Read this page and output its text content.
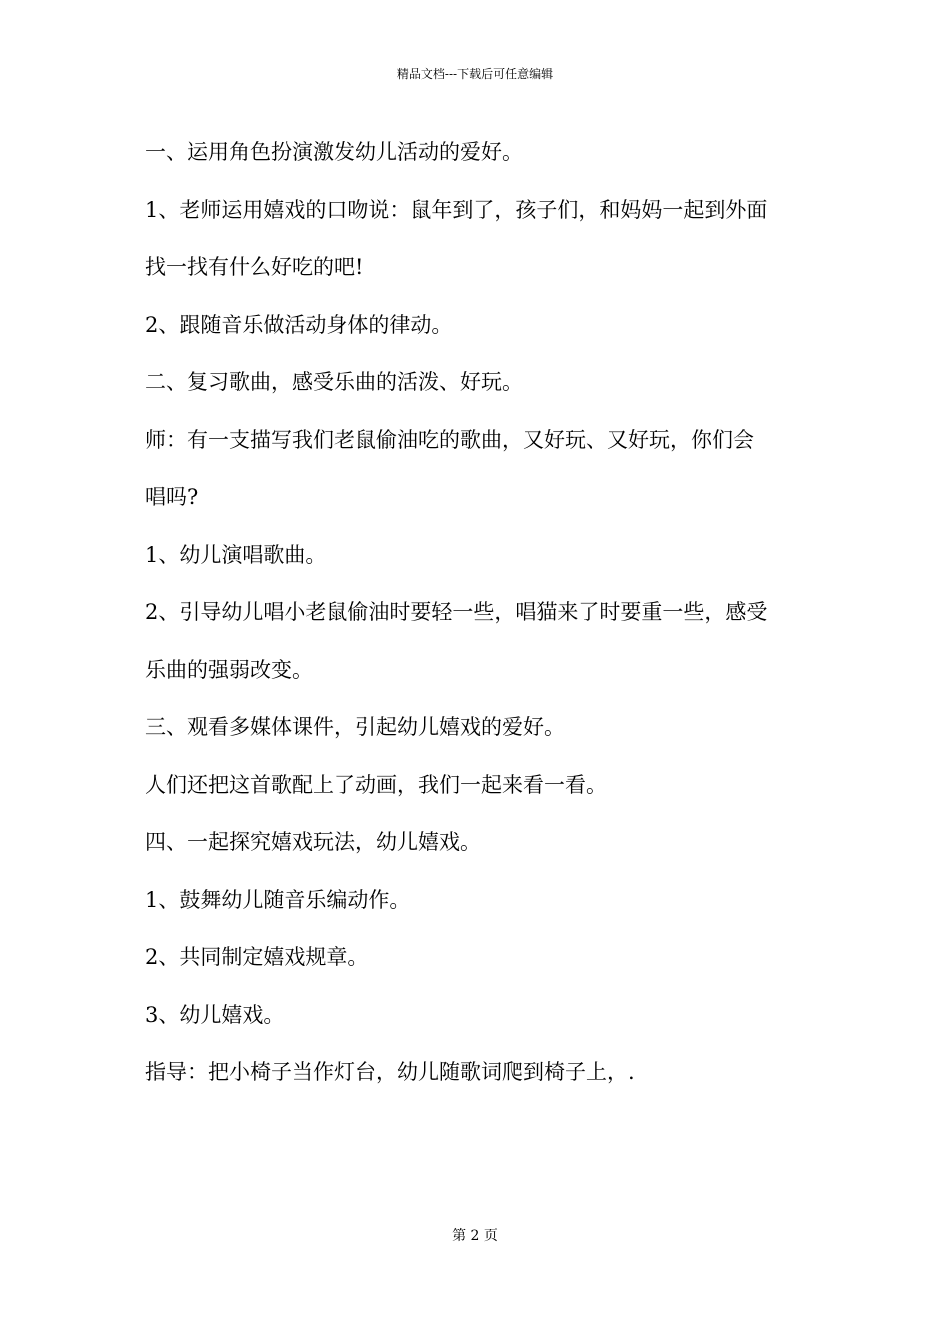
精品文档---下载后可任意编辑

一、运用角色扮演激发幼儿活动的爱好。

1、老师运用嬉戏的口吻说：鼠年到了，孩子们，和妈妈一起到外面

找一找有什么好吃的吧!

2、跟随音乐做活动身体的律动。

二、复习歌曲，感受乐曲的活泼、好玩。

师：有一支描写我们老鼠偷油吃的歌曲，又好玩、又好玩，你们会

唱吗?

1、幼儿演唱歌曲。

2、引导幼儿唱小老鼠偷油时要轻一些，唱猫来了时要重一些，感受

乐曲的强弱改变。

三、观看多媒体课件，引起幼儿嬉戏的爱好。

人们还把这首歌配上了动画，我们一起来看一看。

四、一起探究嬉戏玩法，幼儿嬉戏。

1、鼓舞幼儿随音乐编动作。

2、共同制定嬉戏规章。

3、幼儿嬉戏。

指导：把小椅子当作灯台，幼儿随歌词爬到椅子上，.

第 2 页
